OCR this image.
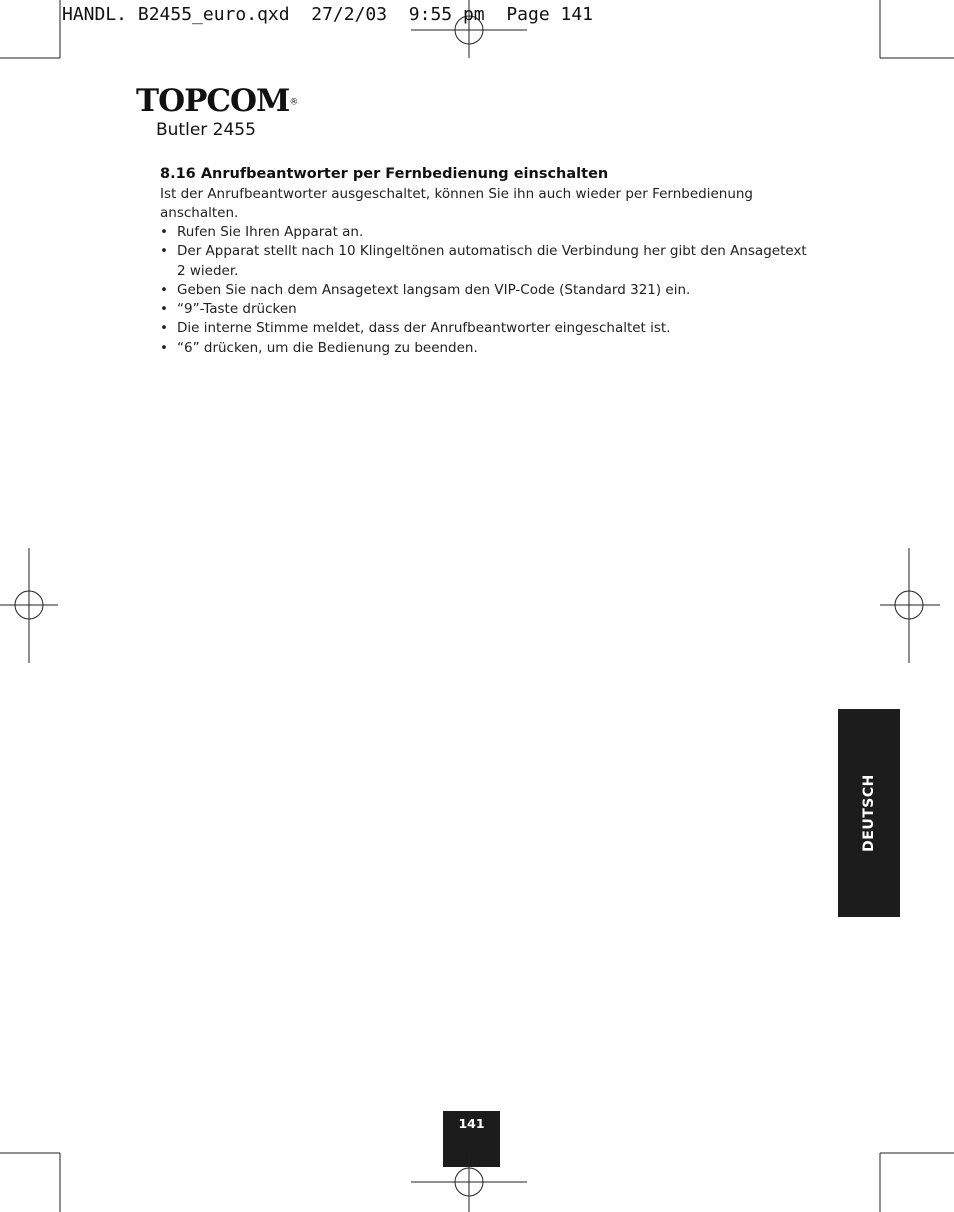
HANDL. B2455_euro.qxd  27/2/03  9:55 pm  Page 141
TOPCOM®
Butler 2455
8.16 Anrufbeantworter per Fernbedienung einschalten

Ist der Anrufbeantworter ausgeschaltet, können Sie ihn auch wieder per Fernbedienung anschalten.

• Rufen Sie Ihren Apparat an.
• Der Apparat stellt nach 10 Klingeltönen automatisch die Verbindung her gibt den Ansagetext 2 wieder.
• Geben Sie nach dem Ansagetext langsam den VIP-Code (Standard 321) ein.
• “9”-Taste drücken
• Die interne Stimme meldet, dass der Anrufbeantworter eingeschaltet ist.
• “6” drücken, um die Bedienung zu beenden.
DEUTSCH
141
